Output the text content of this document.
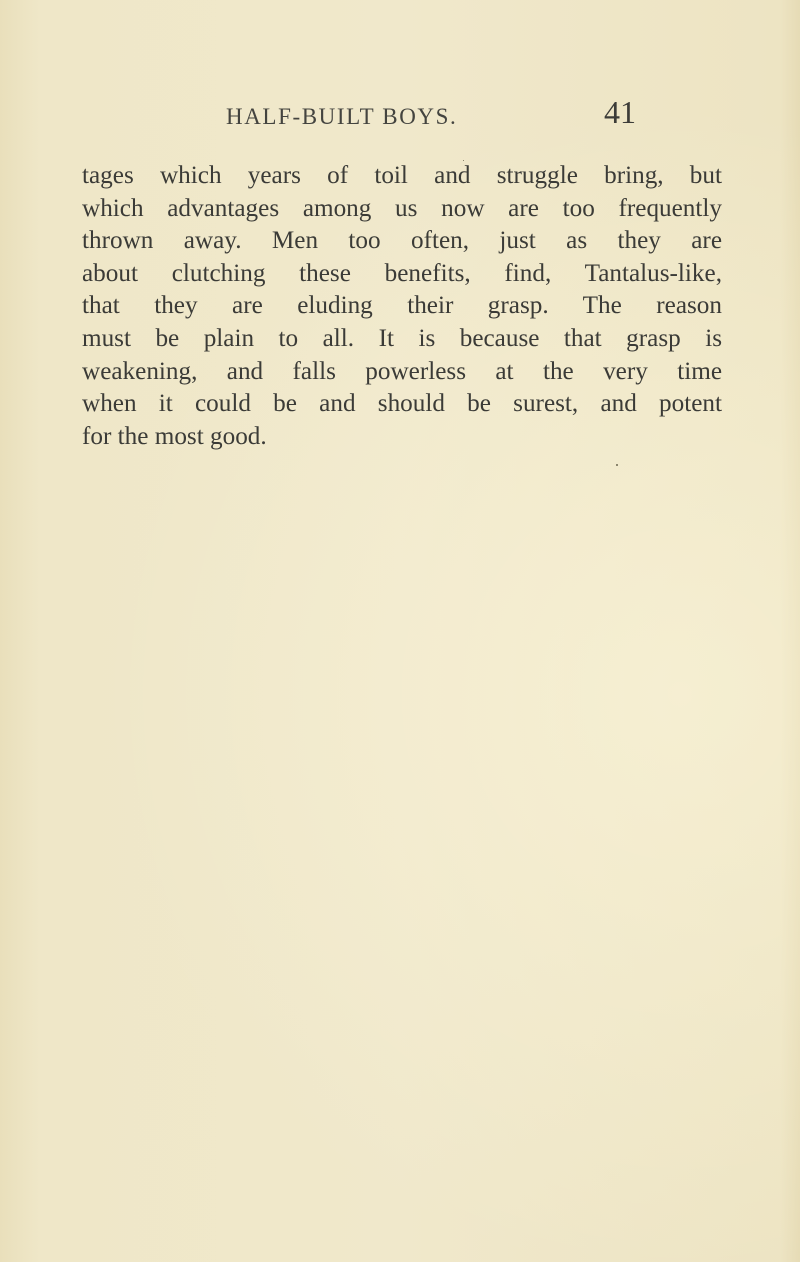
HALF-BUILT BOYS.	41
tages which years of toil and struggle bring, but
which advantages among us now are too frequently
thrown away. Men too often, just as they are
about clutching these benefits, find, Tantalus-like,
that they are eluding their grasp. The reason
must be plain to all. It is because that grasp is
weakening, and falls powerless at the very time
when it could be and should be surest, and potent
for the most good.
